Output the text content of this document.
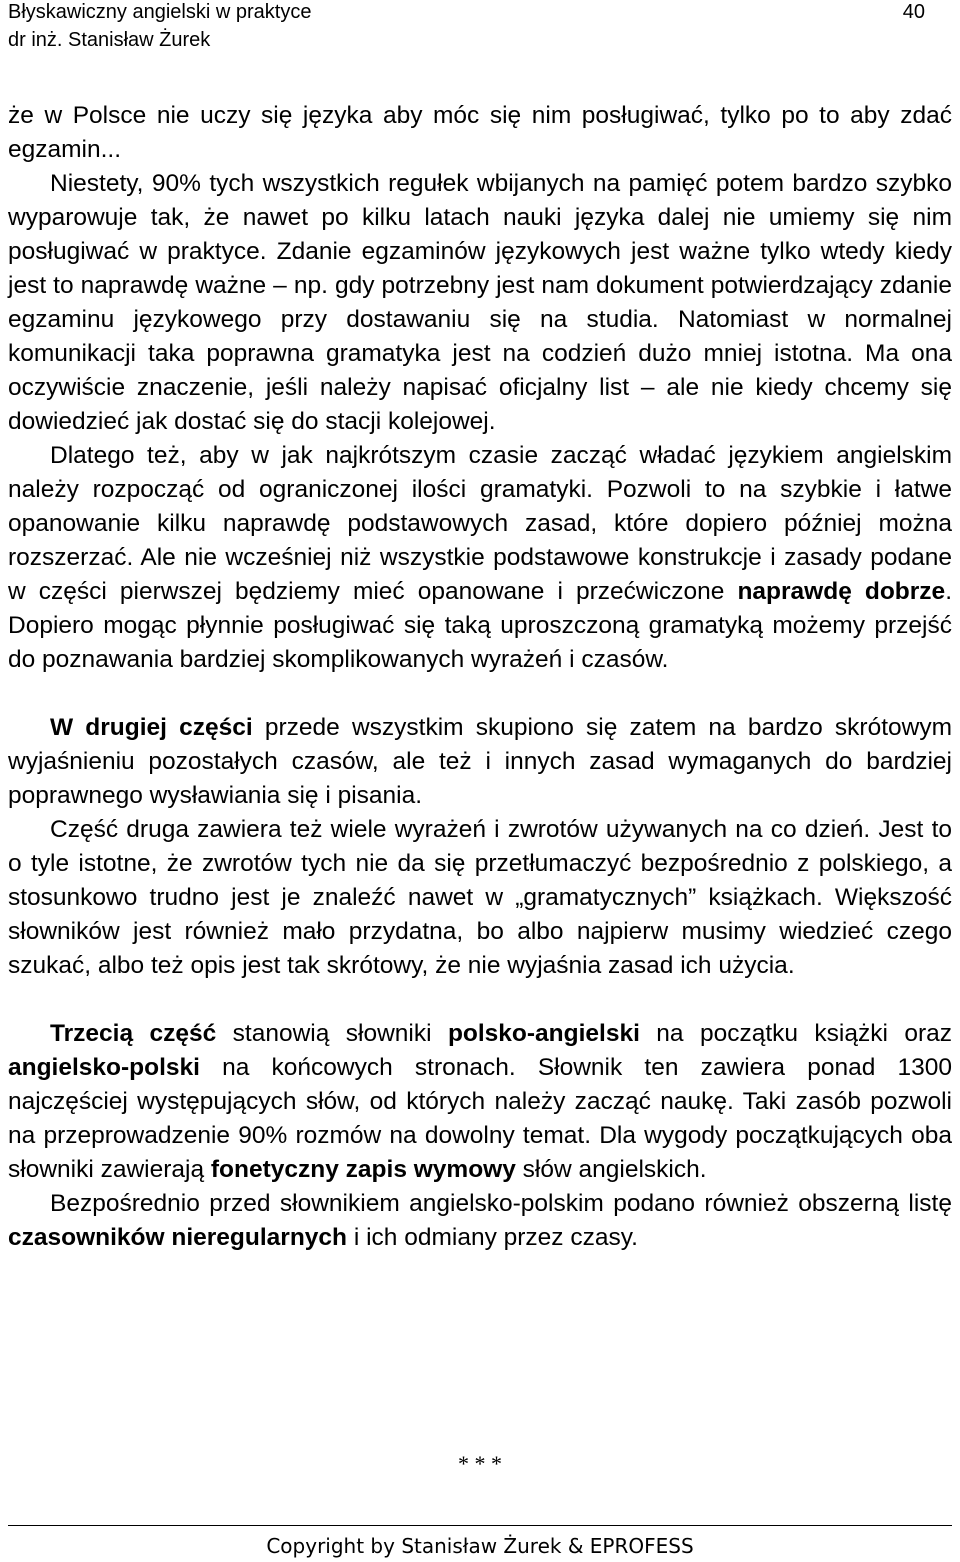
Błyskawiczny angielski w praktyce
dr inż. Stanisław Żurek
40

że w Polsce nie uczy się języka aby móc się nim posługiwać, tylko po to aby zdać egzamin...

Niestety, 90% tych wszystkich regułek wbijanych na pamięć potem bardzo szybko wyparowuje tak, że nawet po kilku latach nauki języka dalej nie umiemy się nim posługiwać w praktyce. Zdanie egzaminów językowych jest ważne tylko wtedy kiedy jest to naprawdę ważne – np. gdy potrzebny jest nam dokument potwierdzający zdanie egzaminu językowego przy dostawaniu się na studia. Natomiast w normalnej komunikacji taka poprawna gramatyka jest na codzień dużo mniej istotna. Ma ona oczywiście znaczenie, jeśli należy napisać oficjalny list – ale nie kiedy chcemy się dowiedzieć jak dostać się do stacji kolejowej.

Dlatego też, aby w jak najkrótszym czasie zacząć władać językiem angielskim należy rozpocząć od ograniczonej ilości gramatyki. Pozwoli to na szybkie i łatwe opanowanie kilku naprawdę podstawowych zasad, które dopiero później można rozszerzać. Ale nie wcześniej niż wszystkie podstawowe konstrukcje i zasady podane w części pierwszej będziemy mieć opanowane i przećwiczone naprawdę dobrze. Dopiero mogąc płynnie posługiwać się taką uproszczoną gramatyką możemy przejść do poznawania bardziej skomplikowanych wyrażeń i czasów.

W drugiej części przede wszystkim skupiono się zatem na bardzo skrótowym wyjaśnieniu pozostałych czasów, ale też i innych zasad wymaganych do bardziej poprawnego wysławiania się i pisania.

Część druga zawiera też wiele wyrażeń i zwrotów używanych na co dzień. Jest to o tyle istotne, że zwrotów tych nie da się przetłumaczyć bezpośrednio z polskiego, a stosunkowo trudno jest je znaleźć nawet w „gramatycznych” książkach. Większość słowników jest również mało przydatna, bo albo najpierw musimy wiedzieć czego szukać, albo też opis jest tak skrótowy, że nie wyjaśnia zasad ich użycia.

Trzecią część stanowią słowniki polsko-angielski na początku książki oraz angielsko-polski na końcowych stronach. Słownik ten zawiera ponad 1300 najczęściej występujących słów, od których należy zacząć naukę. Taki zasób pozwoli na przeprowadzenie 90% rozmów na dowolny temat. Dla wygody początkujących oba słowniki zawierają fonetyczny zapis wymowy słów angielskich.

Bezpośrednio przed słownikiem angielsko-polskim podano również obszerną listę czasowników nieregularnych i ich odmiany przez czasy.

* * *
Copyright by Stanisław Żurek & EPROFESS
